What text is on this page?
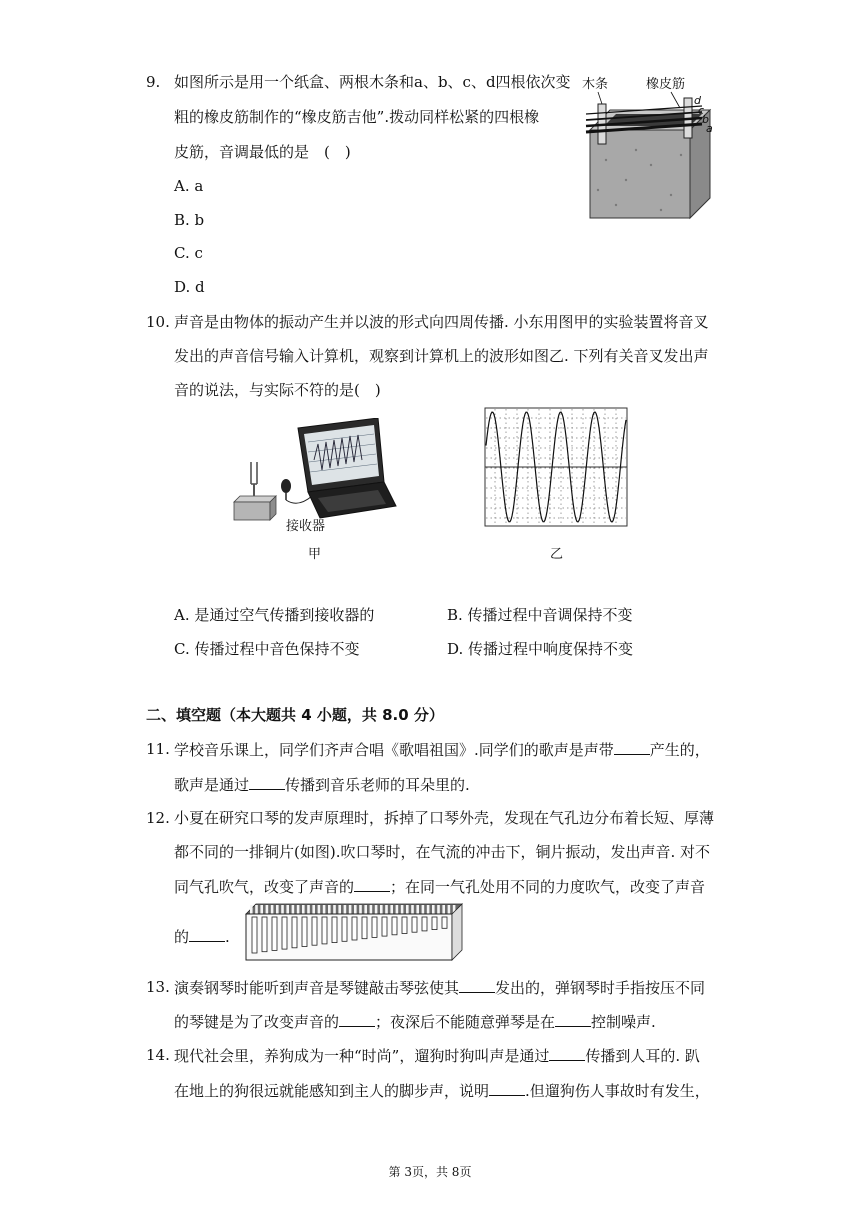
9. 如图所示是用一个纸盒、两根木条和a、b、c、d四根依次变
粗的橡皮筋制作的“橡皮筋吉他”.拨动同样松紧的四根橡
皮筋，音调最低的是　(　)
A. a
B. b
C. c
D. d
木条	橡皮筋
d
c
b
a
10. 声音是由物体的振动产生并以波的形式向四周传播. 小东用图甲的实验装置将音叉
发出的声音信号输入计算机，观察到计算机上的波形如图乙. 下列有关音叉发出声
音的说法，与实际不符的是(　)
接收器
甲	乙
A. 是通过空气传播到接收器的	B. 传播过程中音调保持不变
C. 传播过程中音色保持不变	D. 传播过程中响度保持不变
二、填空题（本大题共 4 小题，共 8.0 分）
11. 学校音乐课上，同学们齐声合唱《歌唱祖国》.同学们的歌声是声带 产生的，
歌声是通过 传播到音乐老师的耳朵里的.
12. 小夏在研究口琴的发声原理时，拆掉了口琴外壳，发现在气孔边分布着长短、厚薄
都不同的一排铜片(如图).吹口琴时，在气流的冲击下，铜片振动，发出声音. 对不
同气孔吹气，改变了声音的 ；在同一气孔处用不同的力度吹气，改变了声音
的 .
13. 演奏钢琴时能听到声音是琴键敲击琴弦使其 发出的，弹钢琴时手指按压不同
的琴键是为了改变声音的 ；夜深后不能随意弹琴是在 控制噪声.
14. 现代社会里，养狗成为一种“时尚”，遛狗时狗叫声是通过 传播到人耳的. 趴
在地上的狗很远就能感知到主人的脚步声，说明 .但遛狗伤人事故时有发生，
第 3页，共 8页
